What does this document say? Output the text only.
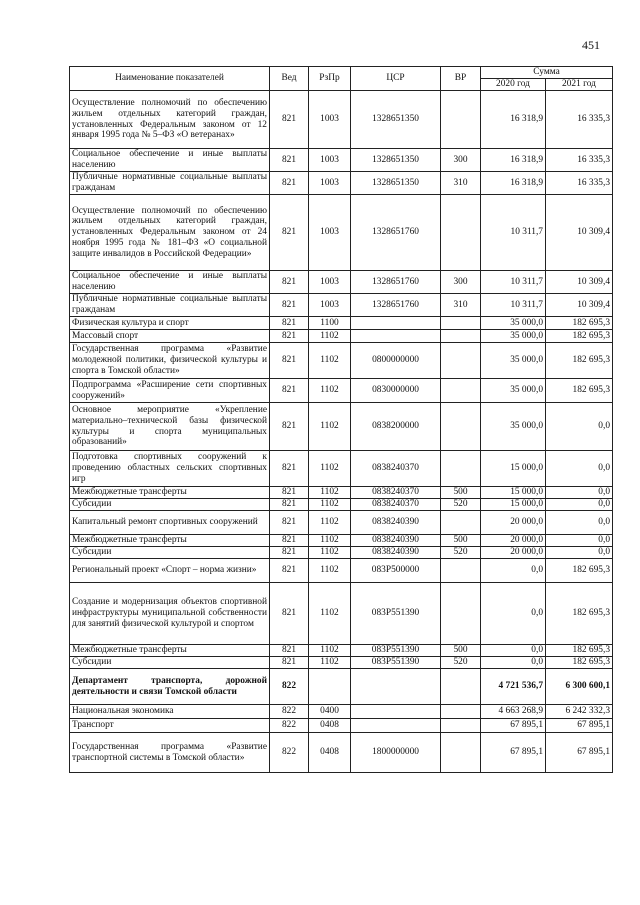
451
Наименование показателей	Вед	РзПр	ЦСР	ВР	Сумма	
					2020 год	2021 год
Осуществление полномочий по обеспечению жильем отдельных категорий граждан, установленных Федеральным законом от 12 января 1995 года № 5–ФЗ «О ветеранах»	821	1003	1328651350		16 318,9	16 335,3
Социальное обеспечение и иные выплаты населению	821	1003	1328651350	300	16 318,9	16 335,3
Публичные нормативные социальные выплаты гражданам	821	1003	1328651350	310	16 318,9	16 335,3
Осуществление полномочий по обеспечению жильем отдельных категорий граждан, установленных Федеральным законом от 24 ноября 1995 года № 181–ФЗ «О социальной защите инвалидов в Российской Федерации»	821	1003	1328651760		10 311,7	10 309,4
Социальное обеспечение и иные выплаты населению	821	1003	1328651760	300	10 311,7	10 309,4
Публичные нормативные социальные выплаты гражданам	821	1003	1328651760	310	10 311,7	10 309,4
Физическая культура и спорт	821	1100			35 000,0	182 695,3
Массовый спорт	821	1102			35 000,0	182 695,3
Государственная программа «Развитие молодежной политики, физической культуры и спорта в Томской области»	821	1102	0800000000		35 000,0	182 695,3
Подпрограмма «Расширение сети спортивных сооружений»	821	1102	0830000000		35 000,0	182 695,3
Основное мероприятие «Укрепление материально–технической базы физической культуры и спорта муниципальных образований»	821	1102	0838200000		35 000,0	0,0
Подготовка спортивных сооружений к проведению областных сельских спортивных игр	821	1102	0838240370		15 000,0	0,0
Межбюджетные трансферты	821	1102	0838240370	500	15 000,0	0,0
Субсидии	821	1102	0838240370	520	15 000,0	0,0
Капитальный ремонт спортивных сооружений	821	1102	0838240390		20 000,0	0,0
Межбюджетные трансферты	821	1102	0838240390	500	20 000,0	0,0
Субсидии	821	1102	0838240390	520	20 000,0	0,0
Региональный проект «Спорт – норма жизни»	821	1102	083P500000		0,0	182 695,3
Создание и модернизация объектов спортивной инфраструктуры муниципальной собственности для занятий физической культурой и спортом	821	1102	083P551390		0,0	182 695,3
Межбюджетные трансферты	821	1102	083P551390	500	0,0	182 695,3
Субсидии	821	1102	083P551390	520	0,0	182 695,3
Департамент транспорта, дорожной деятельности и связи Томской области	822				4 721 536,7	6 300 600,1
Национальная экономика	822	0400			4 663 268,9	6 242 332,3
Транспорт	822	0408			67 895,1	67 895,1
Государственная программа «Развитие транспортной системы в Томской области»	822	0408	1800000000		67 895,1	67 895,1
